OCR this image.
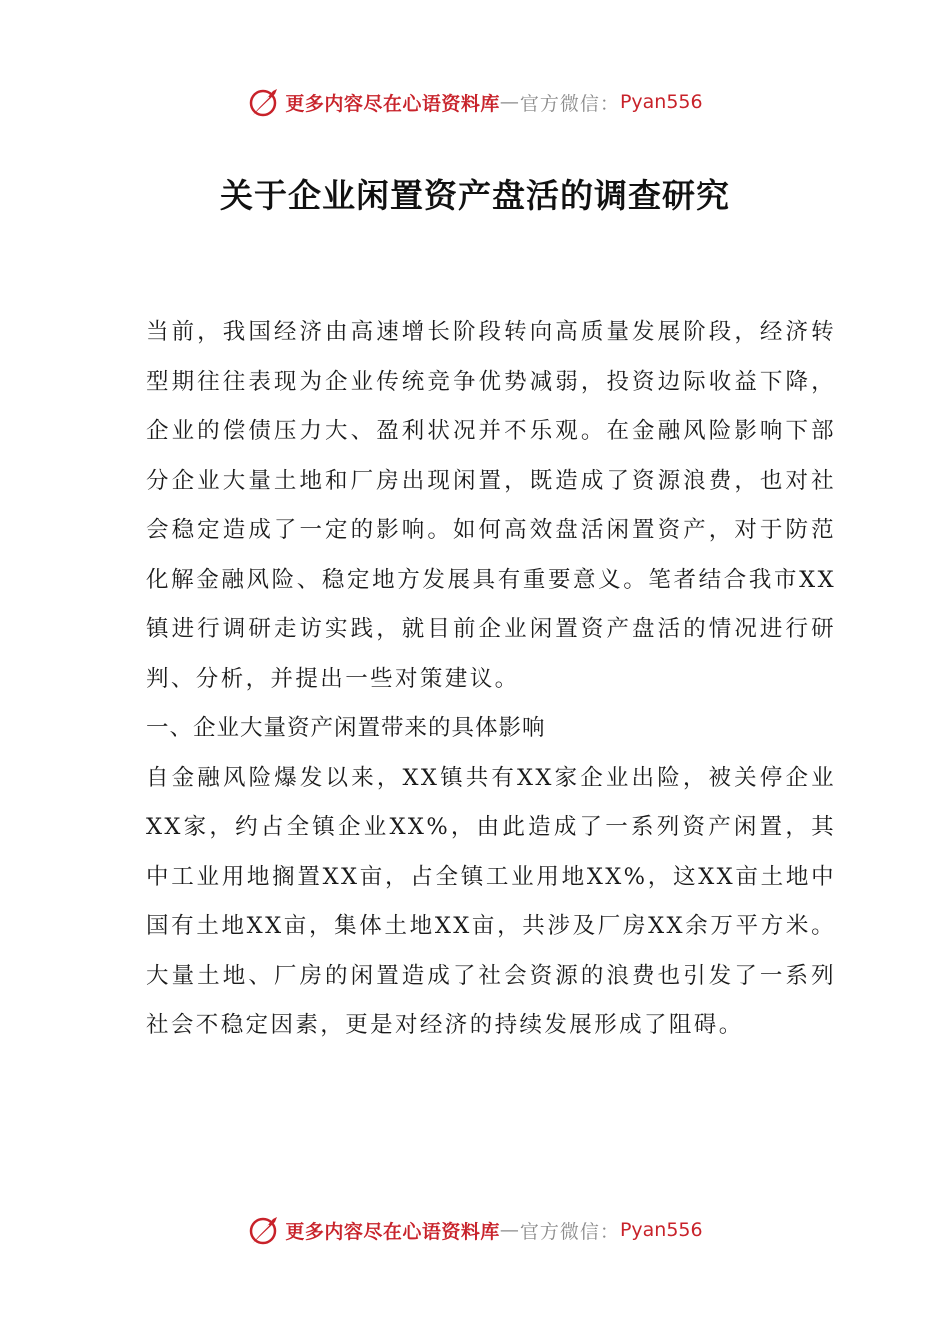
更多内容尽在心语资料库 — 官方微信： Pyan556
关于企业闲置资产盘活的调查研究

当前，我国经济由高速增长阶段转向高质量发展阶段，经济转型期往往表现为企业传统竞争优势减弱，投资边际收益下降，企业的偿债压力大、盈利状况并不乐观。在金融风险影响下部分企业大量土地和厂房出现闲置，既造成了资源浪费，也对社会稳定造成了一定的影响。如何高效盘活闲置资产，对于防范化解金融风险、稳定地方发展具有重要意义。笔者结合我市XX镇进行调研走访实践，就目前企业闲置资产盘活的情况进行研判、分析，并提出一些对策建议。

一、企业大量资产闲置带来的具体影响

自金融风险爆发以来，XX镇共有XX家企业出险，被关停企业XX家，约占全镇企业XX%，由此造成了一系列资产闲置，其中工业用地搁置XX亩，占全镇工业用地XX%，这XX亩土地中国有土地XX亩，集体土地XX亩，共涉及厂房XX余万平方米。大量土地、厂房的闲置造成了社会资源的浪费也引发了一系列社会不稳定因素，更是对经济的持续发展形成了阻碍。

更多内容尽在心语资料库 — 官方微信： Pyan556
